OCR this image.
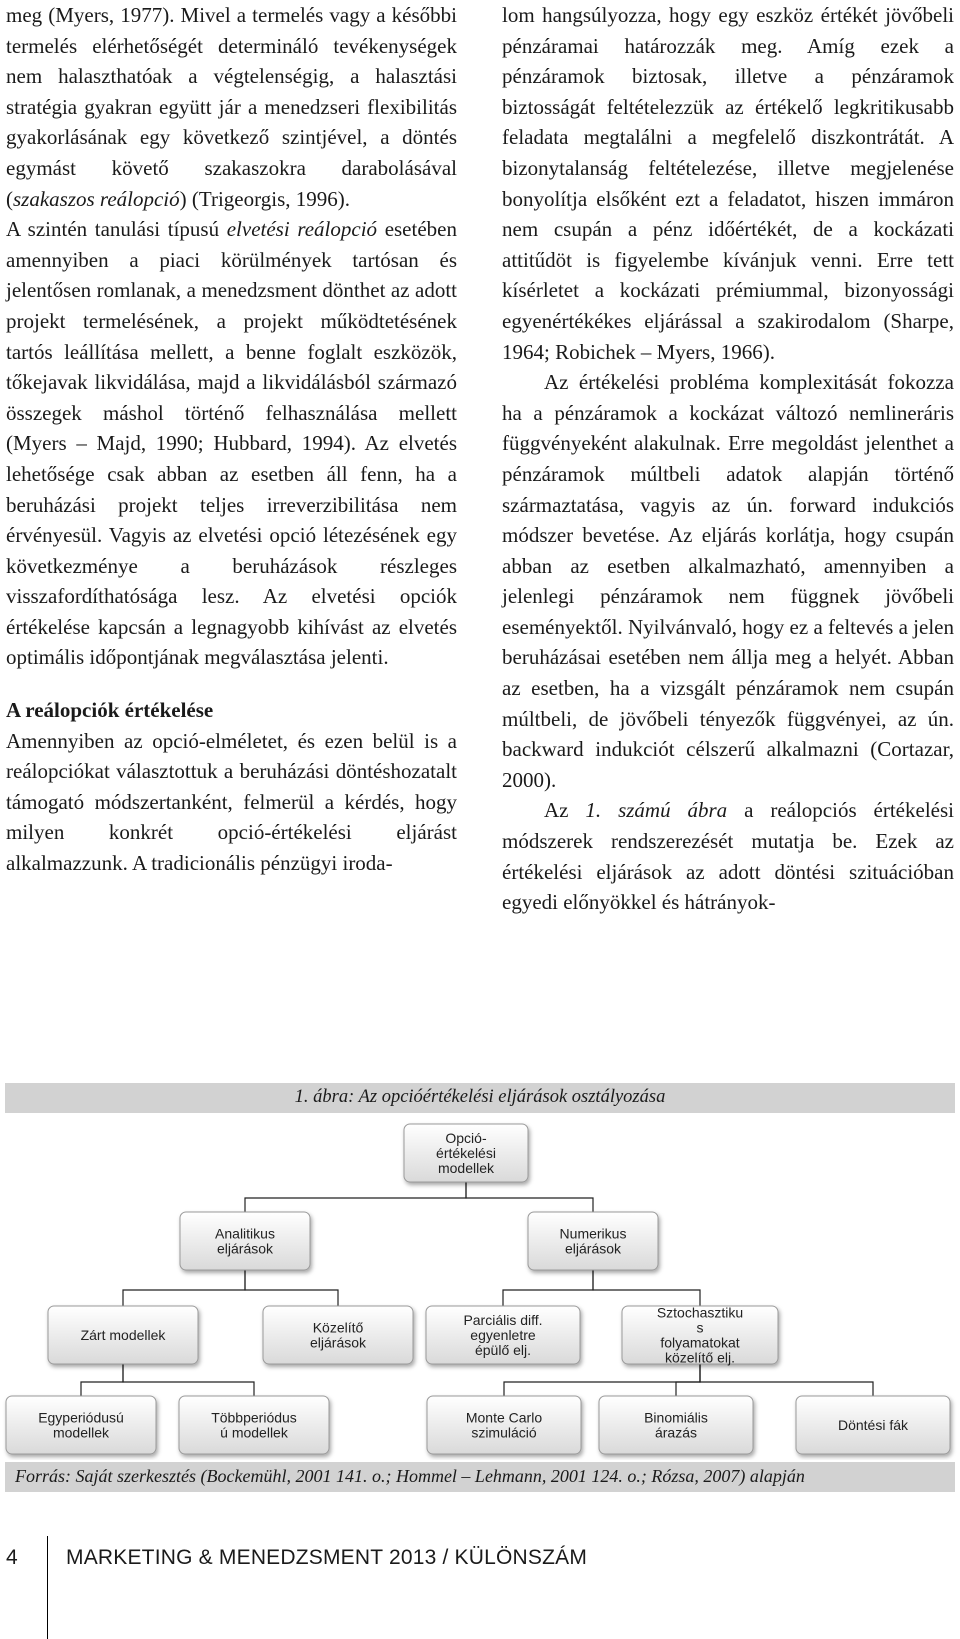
meg (Myers, 1977). Mivel a termelés vagy a későbbi termelés elérhetőségét determináló tevékenységek nem halaszthatóak a végtelenségig, a halasztási stratégia gyakran együtt jár a menedzseri flexibilitás gyakorlásának egy következő szintjével, a döntés egymást követő szakaszokra darabolásával (szakaszos reálopció) (Trigeorgis, 1996).

A szintén tanulási típusú elvetési reálopció esetében amennyiben a piaci körülmények tartósan és jelentősen romlanak, a menedzsment dönthet az adott projekt termelésének, a projekt működtetésének tartós leállítása mellett, a benne foglalt eszközök, tőkejavak likvidálása, majd a likvidálásból származó összegek máshol történő felhasználása mellett (Myers – Majd, 1990; Hubbard, 1994). Az elvetés lehetősége csak abban az esetben áll fenn, ha a beruházási projekt teljes irreverzibilitása nem érvényesül. Vagyis az elvetési opció létezésének egy következménye a beruházások részleges visszafordíthatósága lesz. Az elvetési opciók értékelése kapcsán a legnagyobb kihívást az elvetés optimális időpontjának megválasztása jelenti.

A reálopciók értékelése

Amennyiben az opció-elméletet, és ezen belül is a reálopciókat választottuk a beruházási döntéshozatalt támogató módszertanként, felmerül a kérdés, hogy milyen konkrét opció-értékelési eljárást alkalmazzunk. A tradicionális pénzügyi iroda-

lom hangsúlyozza, hogy egy eszköz értékét jövőbeli pénzáramai határozzák meg. Amíg ezek a pénzáramok biztosak, illetve a pénzáramok biztosságát feltételezzük az értékelő legkritikusabb feladata megtalálni a megfelelő diszkontrátát. A bizonytalanság feltételezése, illetve megjelenése bonyolítja elsőként ezt a feladatot, hiszen immáron nem csupán a pénz időértékét, de a kockázati attitűdöt is figyelembe kívánjuk venni. Erre tett kísérletet a kockázati prémiummal, bizonyossági egyenértékékes eljárással a szakirodalom (Sharpe, 1964; Robichek – Myers, 1966).

Az értékelési probléma komplexitását fokozza ha a pénzáramok a kockázat változó nemlineráris függvényeként alakulnak. Erre megoldást jelenthet a pénzáramok múltbeli adatok alapján történő származtatása, vagyis az ún. forward indukciós módszer bevetése. Az eljárás korlátja, hogy csupán abban az esetben alkalmazható, amennyiben a jelenlegi pénzáramok nem függnek jövőbeli eseményektől. Nyilvánvaló, hogy ez a feltevés a jelen beruházásai esetében nem állja meg a helyét. Abban az esetben, ha a vizsgált pénzáramok nem csupán múltbeli, de jövőbeli tényezők függvényei, az ún. backward indukciót célszerű alkalmazni (Cortazar, 2000).

Az 1. számú ábra a reálopciós értékelési módszerek rendszerezését mutatja be. Ezek az értékelési eljárások az adott döntési szituációban egyedi előnyökkel és hátrányok-

1. ábra: Az opcióértékelési eljárások osztályozása
Opció-
értékelési
modellek
Analitikus
eljárások
Numerikus
eljárások
Zárt modellek	Közelítő
eljárások
Parciális diff.
egyenletre
épülő elj.
Sztochasztiku
s
folyamatokat
közelítő elj.
Egyperiódusú
modellek
Többperiódus
ú modellek
Monte Carlo
szimuláció
Binomiális
árazás	Döntési fák
Forrás: Saját szerkesztés (Bockemühl, 2001 141. o.; Hommel – Lehmann, 2001 124. o.; Rózsa, 2007) alapján
4 MARKETING & MENEDZSMENT 2013 / KÜLÖNSZÁM
